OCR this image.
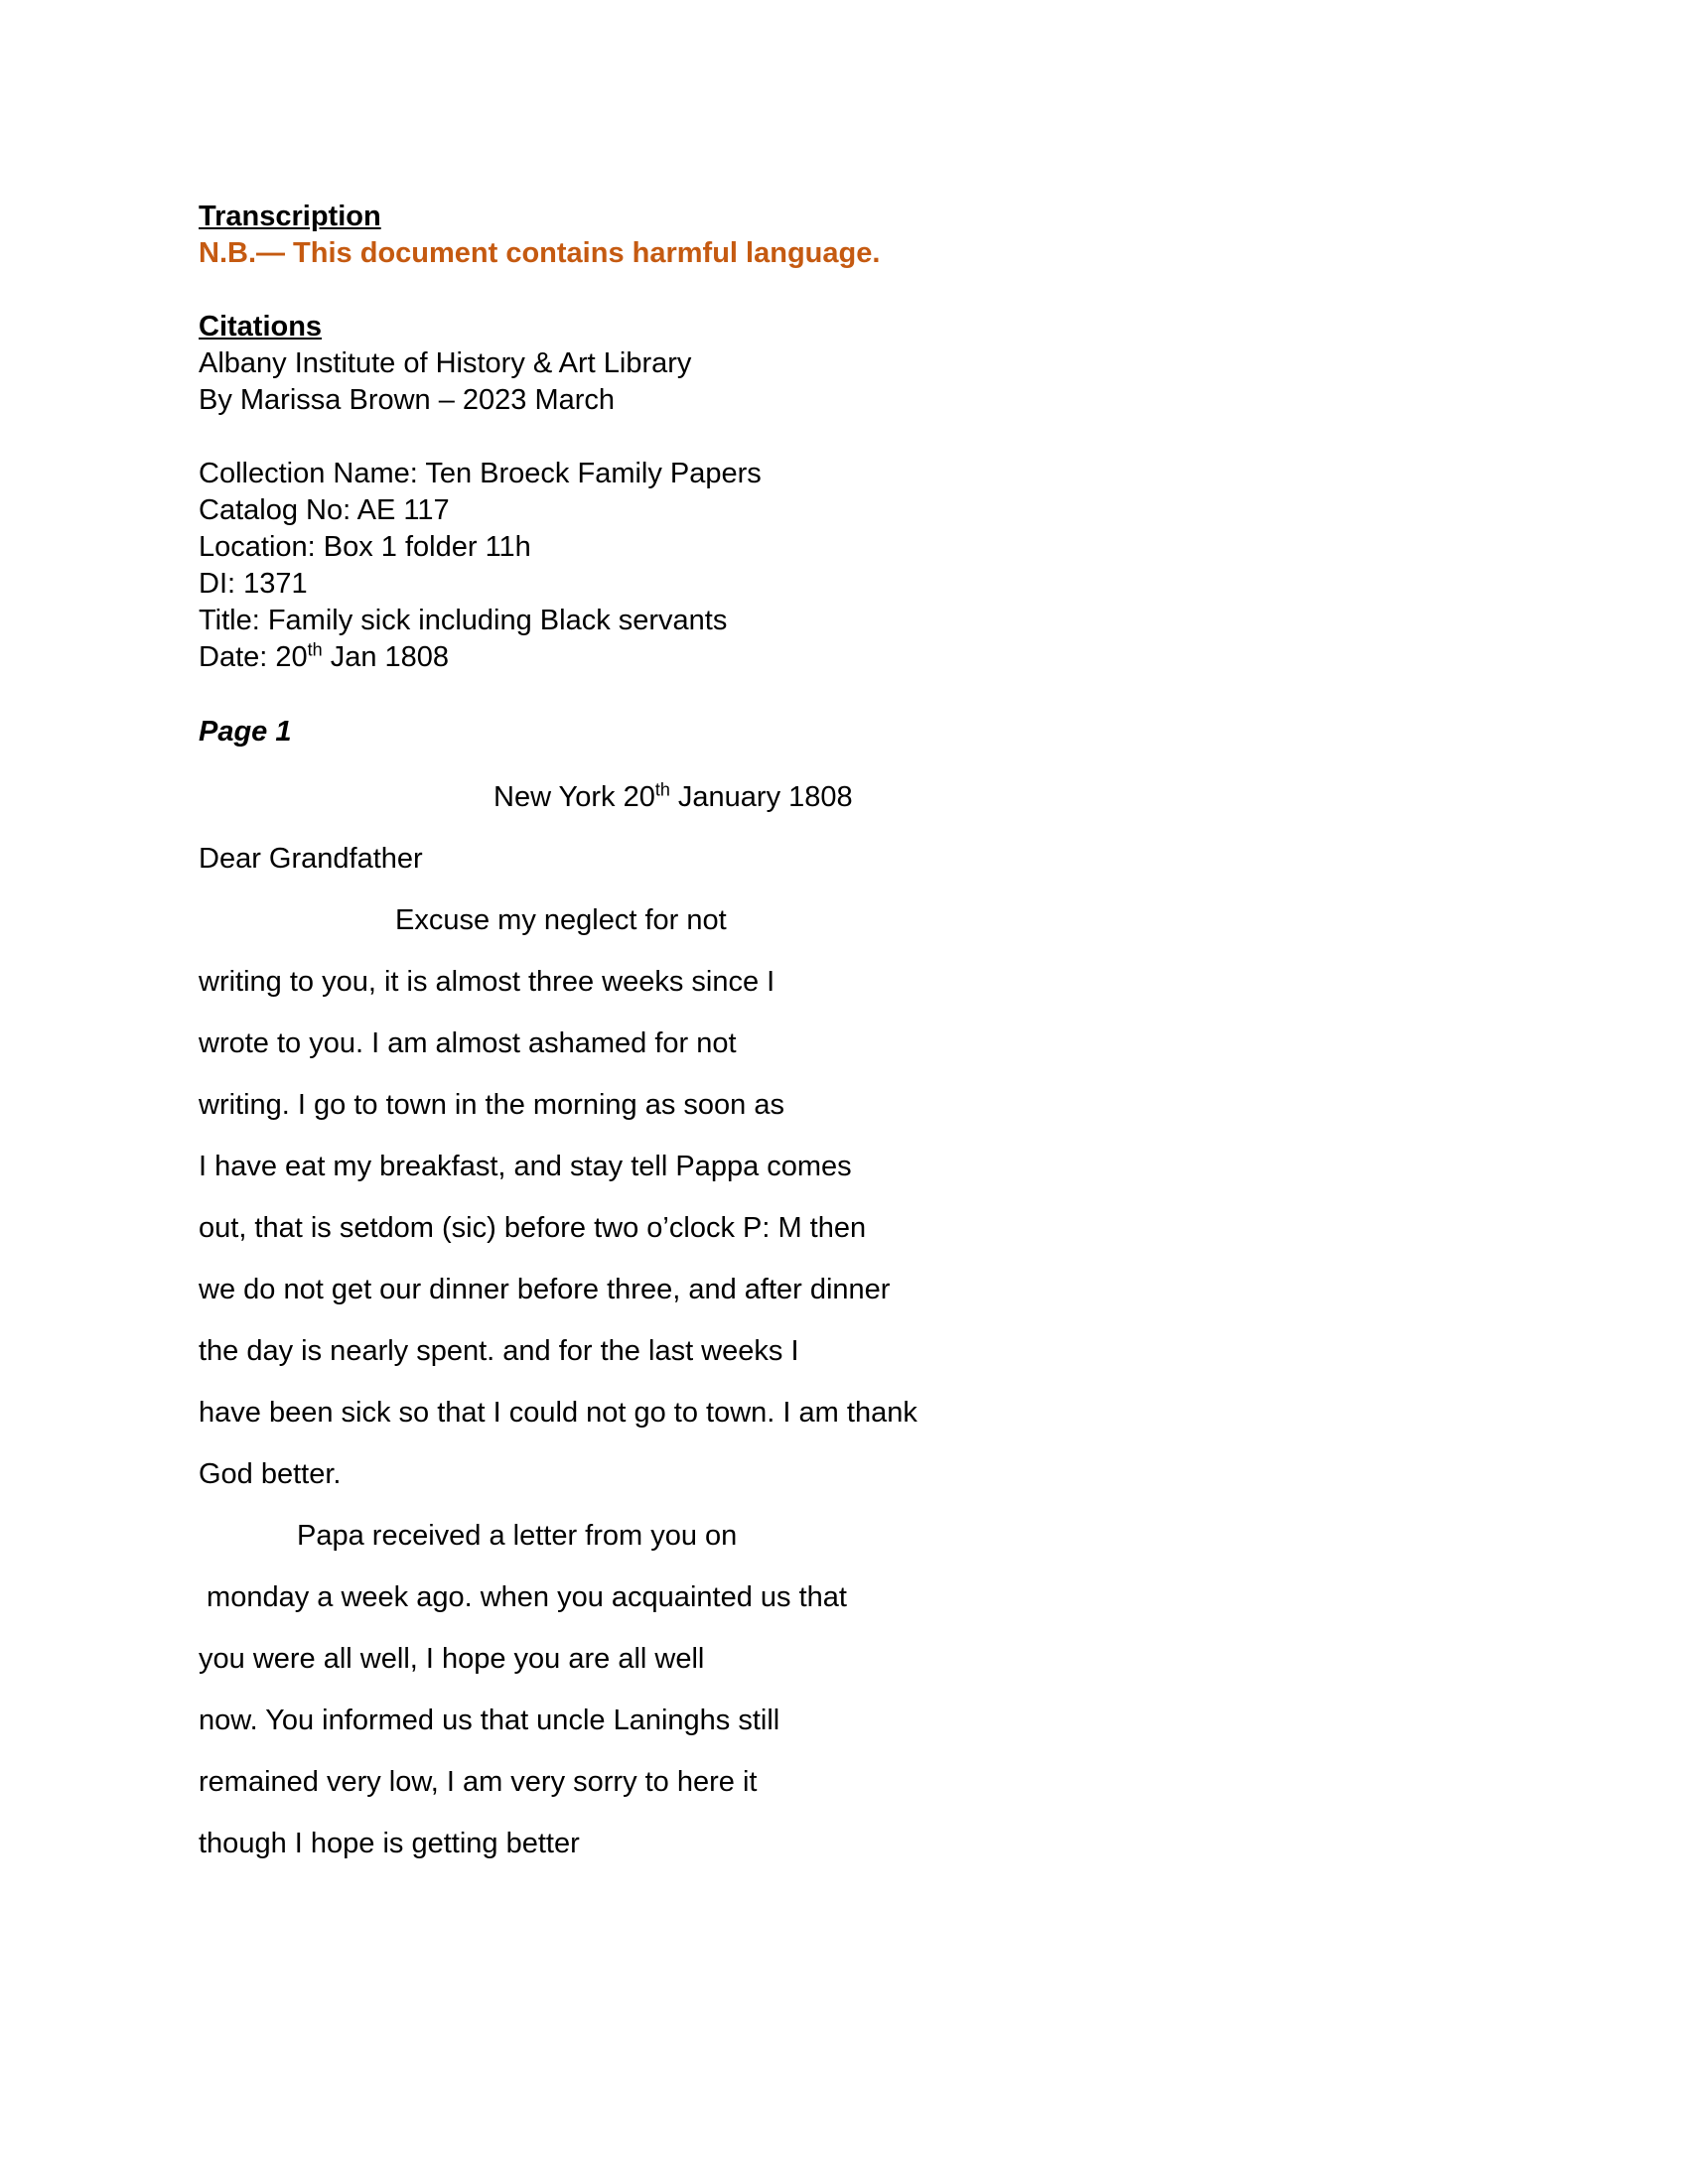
Transcription
N.B.— This document contains harmful language.
Citations
Albany Institute of History & Art Library
By Marissa Brown – 2023 March
Collection Name: Ten Broeck Family Papers
Catalog No: AE 117
Location: Box 1 folder 11h
DI: 1371
Title: Family sick including Black servants
Date: 20th Jan 1808
Page 1
New York 20th January 1808
Dear Grandfather
Excuse my neglect for not
writing to you, it is almost three weeks since I
wrote to you. I am almost ashamed for not
writing. I go to town in the morning as soon as
I have eat my breakfast, and stay tell Pappa comes
out, that is setdom (sic) before two o’clock P: M then
we do not get our dinner before three, and after dinner
the day is nearly spent. and for the last weeks I
have been sick so that I could not go to town. I am thank
God better.
Papa received a letter from you on
monday a week ago. when you acquainted us that
you were all well, I hope you are all well
now. You informed us that uncle Laninghs still
remained very low, I am very sorry to here it
though I hope is getting better
